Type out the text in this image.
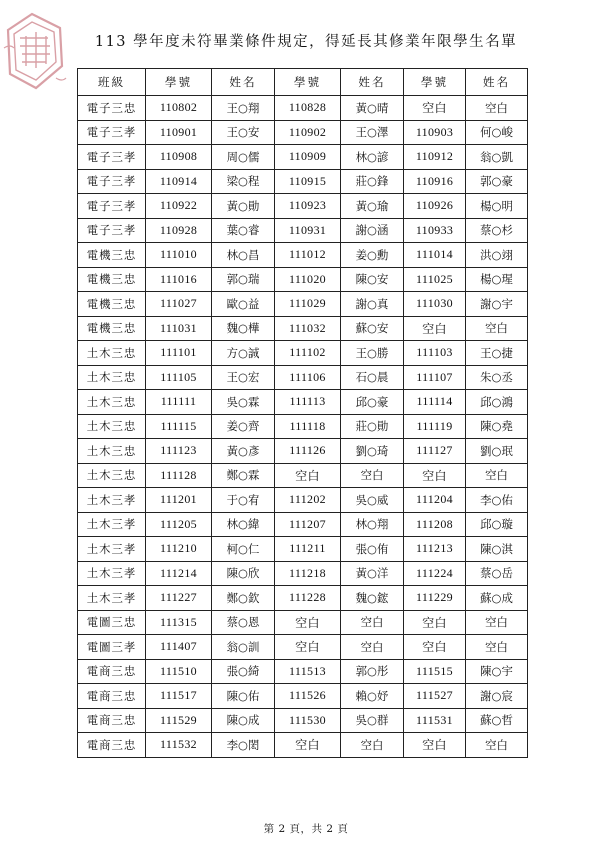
113 學年度未符畢業條件規定，得延長其修業年限學生名單
班級	學號	姓名	學號	姓名	學號	姓名
電子三忠	110802	王○翔	110828	黃○晴	空白	空白
電子三孝	110901	王○安	110902	王○澤	110903	何○峻
電子三孝	110908	周○儒	110909	林○諺	110912	翁○凱
電子三孝	110914	梁○程	110915	莊○鋒	110916	郭○豪
電子三孝	110922	黃○勛	110923	黃○瑜	110926	楊○明
電子三孝	110928	葉○睿	110931	謝○涵	110933	蔡○杉
電機三忠	111010	林○昌	111012	姜○勳	111014	洪○翊
電機三忠	111016	郭○瑞	111020	陳○安	111025	楊○瑆
電機三忠	111027	歐○益	111029	謝○真	111030	謝○宇
電機三忠	111031	魏○樺	111032	蘇○安	空白	空白
土木三忠	111101	方○誠	111102	王○勝	111103	王○捷
土木三忠	111105	王○宏	111106	石○晨	111107	朱○丞
土木三忠	111111	吳○霖	111113	邱○豪	111114	邱○鴻
土木三忠	111115	姜○齊	111118	莊○勛	111119	陳○堯
土木三忠	111123	黃○彥	111126	劉○琦	111127	劉○珉
土木三忠	111128	鄭○霖	空白	空白	空白	空白
土木三孝	111201	于○宥	111202	吳○威	111204	李○佑
土木三孝	111205	林○緯	111207	林○翔	111208	邱○璇
土木三孝	111210	柯○仁	111211	張○侑	111213	陳○淇
土木三孝	111214	陳○欣	111218	黃○洋	111224	蔡○岳
土木三孝	111227	鄭○欽	111228	魏○鋐	111229	蘇○成
電圖三忠	111315	蔡○恩	空白	空白	空白	空白
電圖三孝	111407	翁○訓	空白	空白	空白	空白
電商三忠	111510	張○綺	111513	郭○彤	111515	陳○宇
電商三忠	111517	陳○佑	111526	賴○妤	111527	謝○宸
電商三忠	111529	陳○成	111530	吳○群	111531	蘇○哲
電商三忠	111532	李○閎	空白	空白	空白	空白
第 2 頁，共 2 頁
